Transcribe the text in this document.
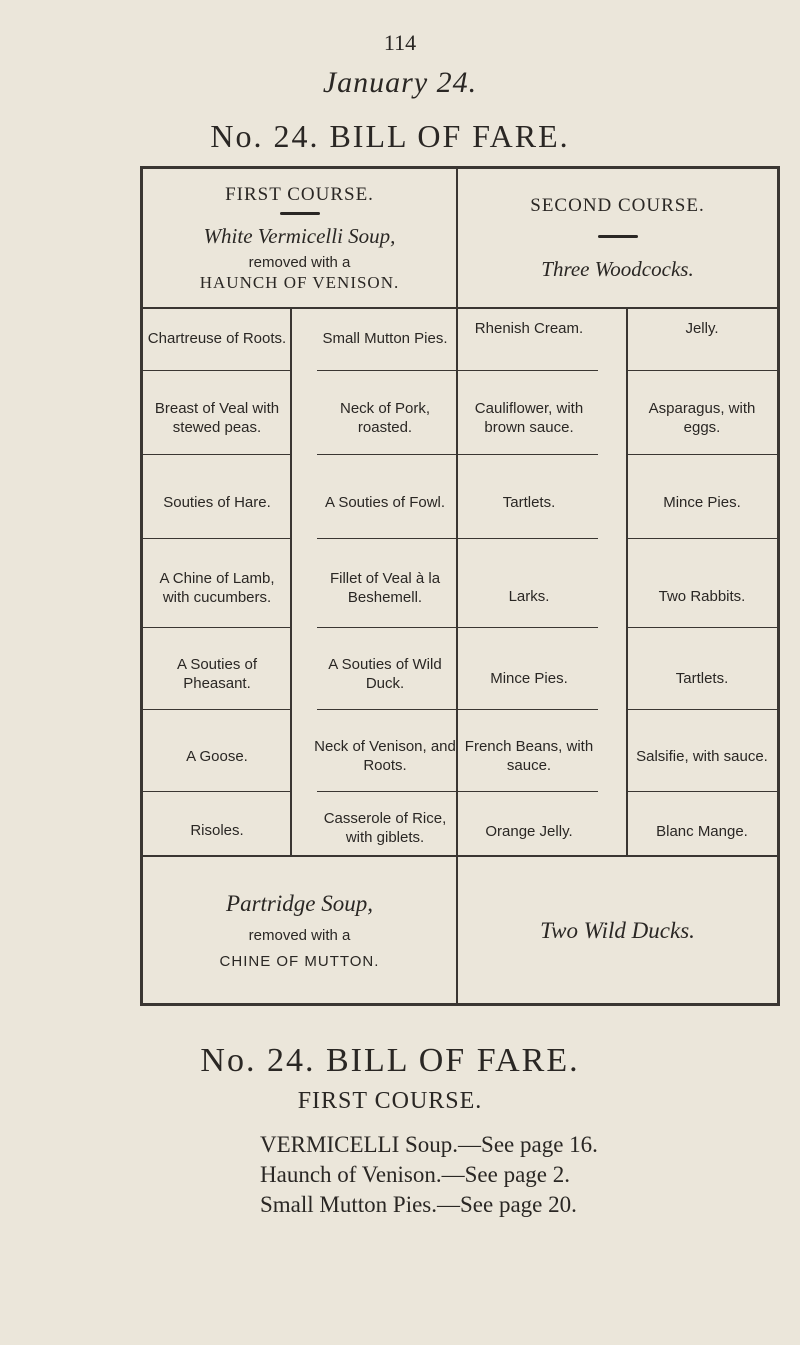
114
January 24.
No. 24. BILL OF FARE.
FIRST COURSE.
White Vermicelli Soup,
removed with a
HAUNCH OF VENISON.
SECOND COURSE.
Three Woodcocks.
Chartreuse of Roots.
Breast of Veal with stewed peas.
Souties of Hare.
A Chine of Lamb, with cucumbers.
A Souties of Pheasant.
A Goose.
Risoles.
Small Mutton Pies.
Neck of Pork, roasted.
A Souties of Fowl.
Fillet of Veal à la Beshemell.
A Souties of Wild Duck.
Neck of Venison, and Roots.
Casserole of Rice, with giblets.
Rhenish Cream.
Cauliflower, with brown sauce.
Tartlets.
Larks.
Mince Pies.
French Beans, with sauce.
Orange Jelly.
Jelly.
Asparagus, with eggs.
Mince Pies.
Two Rabbits.
Tartlets.
Salsifie, with sauce.
Blanc Mange.
Partridge Soup,
removed with a
CHINE OF MUTTON.
Two Wild Ducks.
No. 24. BILL OF FARE.
FIRST COURSE.
VERMICELLI Soup.—See page 16.
Haunch of Venison.—See page 2.
Small Mutton Pies.—See page 20.
